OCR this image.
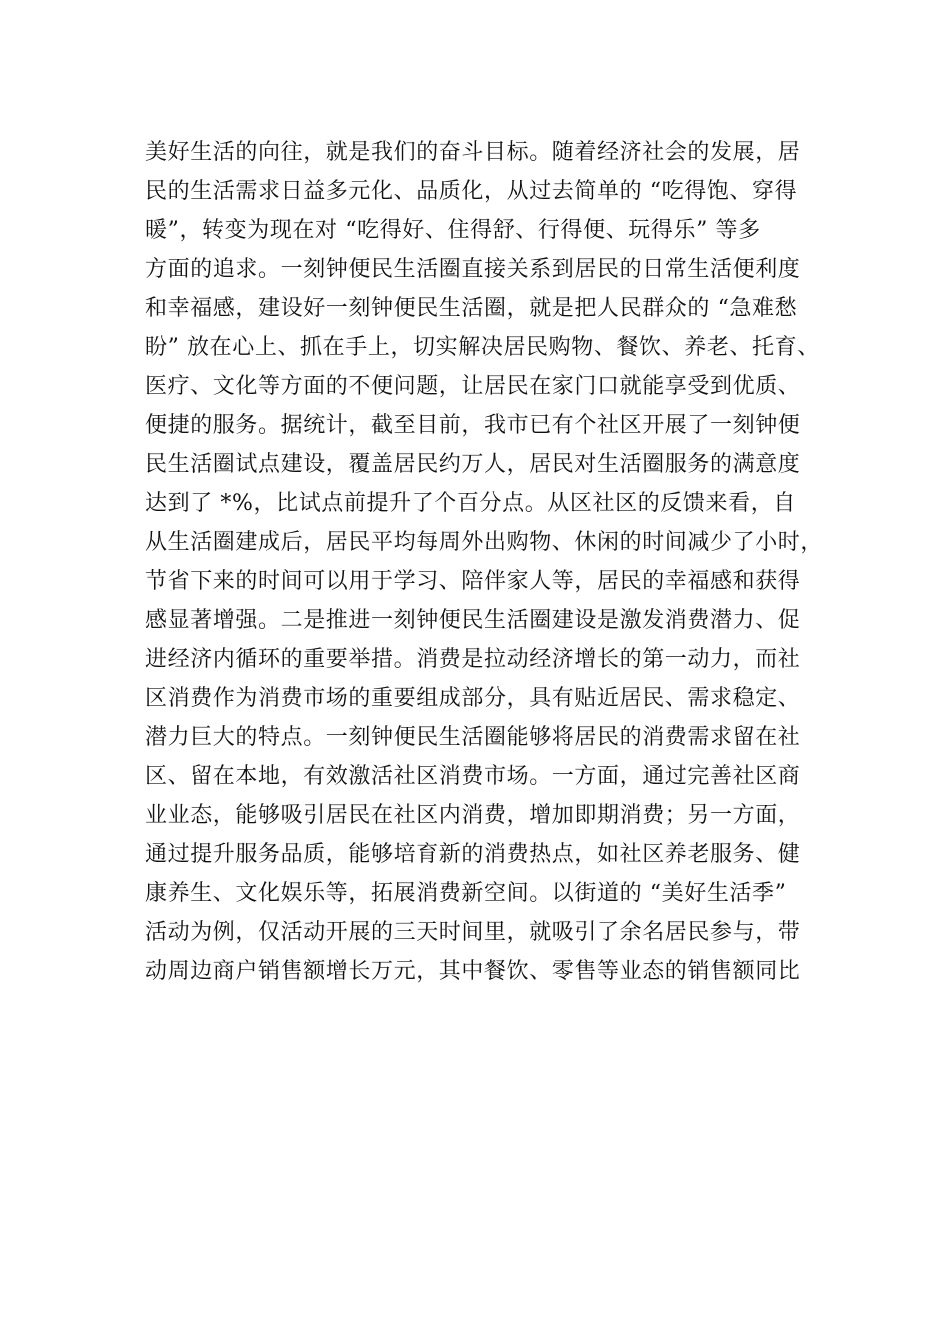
美好生活的向往，就是我们的奋斗目标。随着经济社会的发展，居
民的生活需求日益多元化、品质化，从过去简单的 “吃得饱、穿得
暖”，转变为现在对 “吃得好、住得舒、行得便、玩得乐” 等多
方面的追求。一刻钟便民生活圈直接关系到居民的日常生活便利度
和幸福感，建设好一刻钟便民生活圈，就是把人民群众的 “急难愁
盼” 放在心上、抓在手上，切实解决居民购物、餐饮、养老、托育、
医疗、文化等方面的不便问题，让居民在家门口就能享受到优质、
便捷的服务。据统计，截至目前，我市已有个社区开展了一刻钟便
民生活圈试点建设，覆盖居民约万人，居民对生活圈服务的满意度
达到了 *%，比试点前提升了个百分点。从区社区的反馈来看，自
从生活圈建成后，居民平均每周外出购物、休闲的时间减少了小时，
节省下来的时间可以用于学习、陪伴家人等，居民的幸福感和获得
感显著增强。二是推进一刻钟便民生活圈建设是激发消费潜力、促
进经济内循环的重要举措。消费是拉动经济增长的第一动力，而社
区消费作为消费市场的重要组成部分，具有贴近居民、需求稳定、
潜力巨大的特点。一刻钟便民生活圈能够将居民的消费需求留在社
区、留在本地，有效激活社区消费市场。一方面，通过完善社区商
业业态，能够吸引居民在社区内消费，增加即期消费；另一方面，
通过提升服务品质，能够培育新的消费热点，如社区养老服务、健
康养生、文化娱乐等，拓展消费新空间。以街道的 “美好生活季”
活动为例，仅活动开展的三天时间里，就吸引了余名居民参与，带
动周边商户销售额增长万元，其中餐饮、零售等业态的销售额同比
